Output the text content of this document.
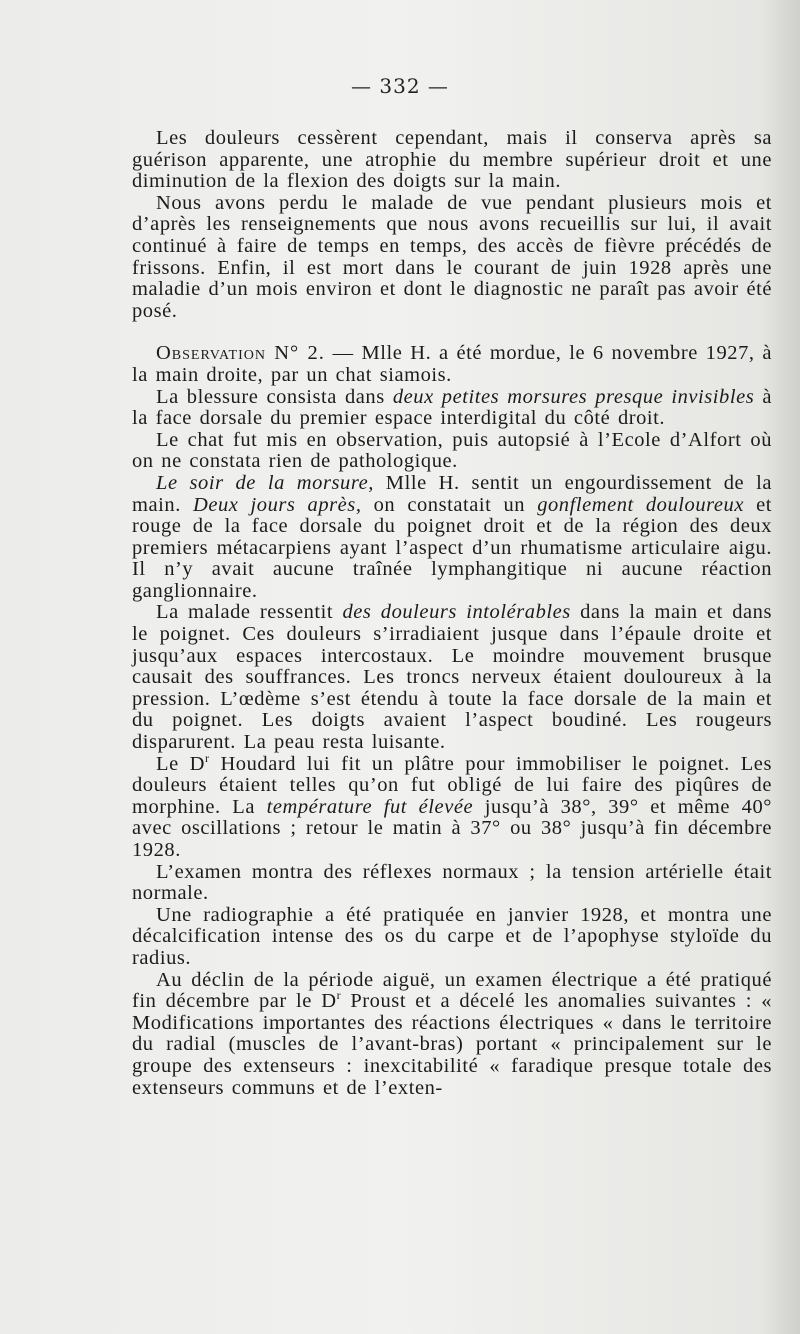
— 332 —

Les douleurs cessèrent cependant, mais il conserva après sa guérison apparente, une atrophie du membre supérieur droit et une diminution de la flexion des doigts sur la main.

Nous avons perdu le malade de vue pendant plusieurs mois et d’après les renseignements que nous avons recueillis sur lui, il avait continué à faire de temps en temps, des accès de fièvre précédés de frissons. Enfin, il est mort dans le courant de juin 1928 après une maladie d’un mois environ et dont le diagnostic ne paraît pas avoir été posé.

Observation N° 2. — Mlle H. a été mordue, le 6 novembre 1927, à la main droite, par un chat siamois.

La blessure consista dans deux petites morsures presque invisibles à la face dorsale du premier espace interdigital du côté droit.

Le chat fut mis en observation, puis autopsié à l’Ecole d’Alfort où on ne constata rien de pathologique.

Le soir de la morsure, Mlle H. sentit un engourdissement de la main. Deux jours après, on constatait un gonflement douloureux et rouge de la face dorsale du poignet droit et de la région des deux premiers métacarpiens ayant l’aspect d’un rhumatisme articulaire aigu. Il n’y avait aucune traînée lymphangitique ni aucune réaction ganglionnaire.

La malade ressentit des douleurs intolérables dans la main et dans le poignet. Ces douleurs s’irradiaient jusque dans l’épaule droite et jusqu’aux espaces intercostaux. Le moindre mouvement brusque causait des souffrances. Les troncs nerveux étaient douloureux à la pression. L’œdème s’est étendu à toute la face dorsale de la main et du poignet. Les doigts avaient l’aspect boudiné. Les rougeurs disparurent. La peau resta luisante.

Le $D^r$ Houdard lui fit un plâtre pour immobiliser le poignet. Les douleurs étaient telles qu’on fut obligé de lui faire des piqûres de morphine. La température fut élevée jusqu’à 38°, 39° et même 40° avec oscillations ; retour le matin à 37° ou 38° jusqu’à fin décembre 1928.

L’examen montra des réflexes normaux ; la tension artérielle était normale.

Une radiographie a été pratiquée en janvier 1928, et montra une décalcification intense des os du carpe et de l’apophyse styloïde du radius.

Au déclin de la période aiguë, un examen électrique a été pratiqué fin décembre par le $D^r$ Proust et a décelé les anomalies suivantes : « Modifications importantes des réactions électriques « dans le territoire du radial (muscles de l’avant-bras) portant « principalement sur le groupe des extenseurs : inexcitabilité « faradique presque totale des extenseurs communs et de l’exten-
